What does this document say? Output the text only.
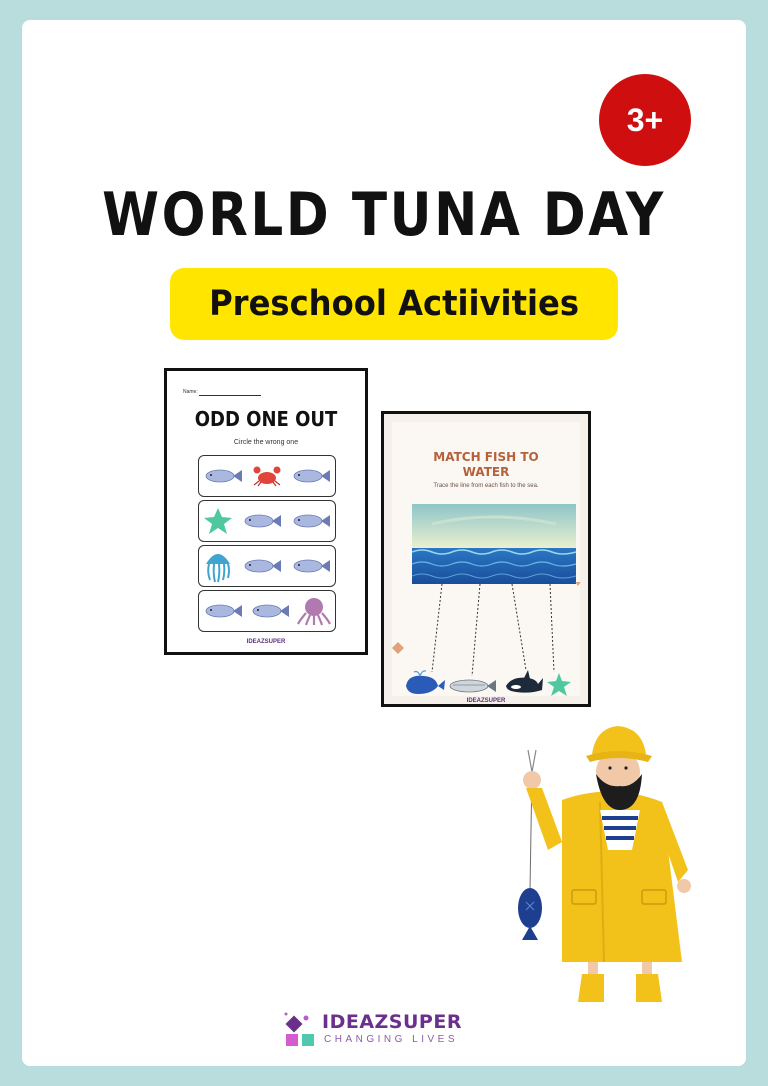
3+
WORLD TUNA DAY
Preschool Actiivities
Name:
ODD ONE OUT
Circle the wrong one
IDEAZSUPER
MATCH FISH TO
WATER
Trace the line from each fish to the sea.
IDEAZSUPER
IDEAZSUPER
CHANGING LIVES
